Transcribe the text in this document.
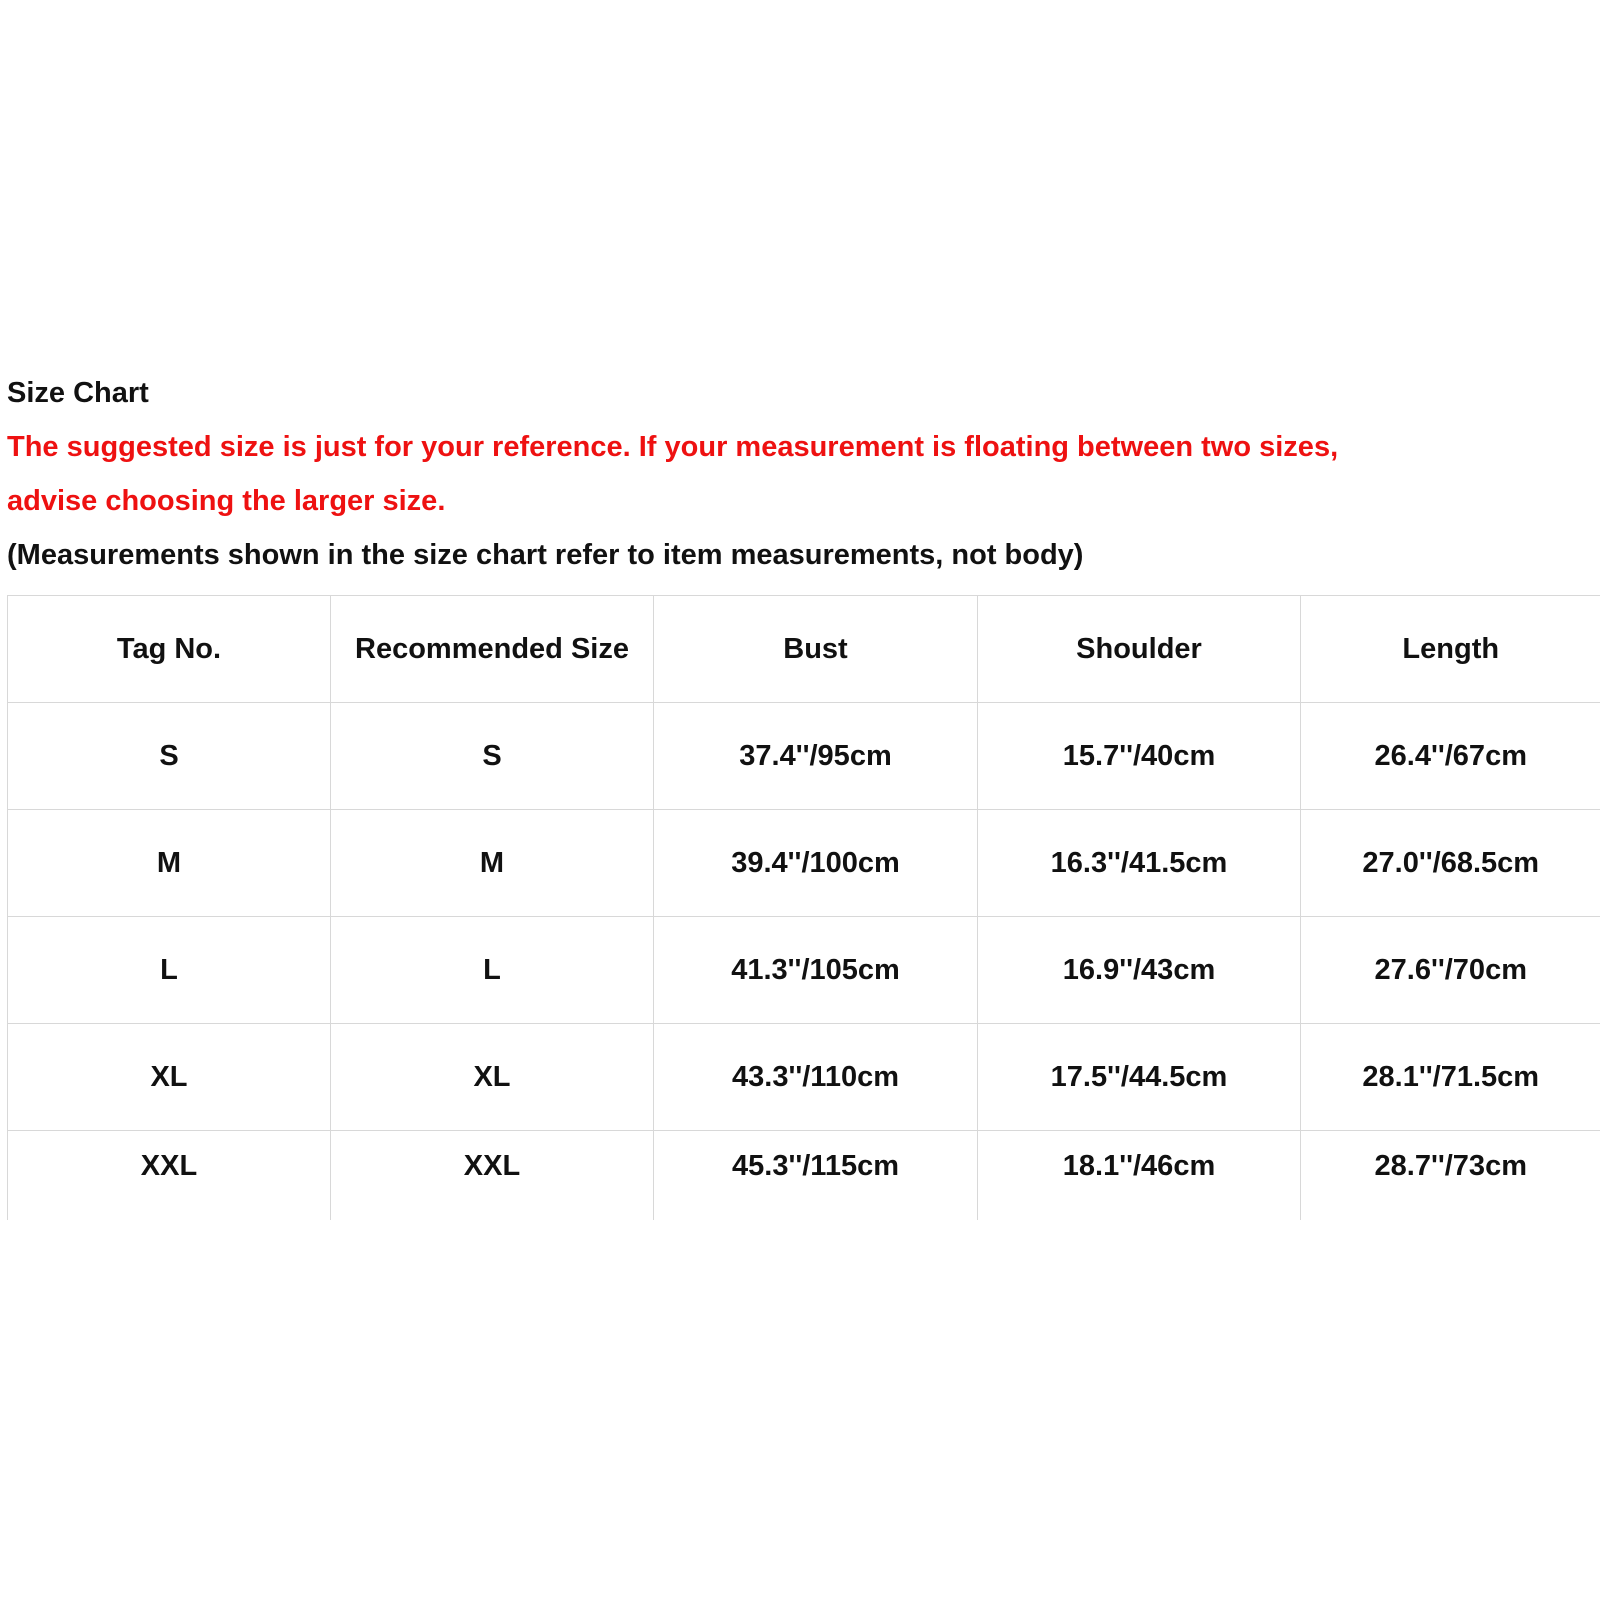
Size Chart
The suggested size is just for your reference. If your measurement is floating between two sizes,
advise choosing the larger size.
(Measurements shown in the size chart refer to item measurements, not body)
Tag No.	Recommended Size	Bust	Shoulder	Length
S	S	37.4''/95cm	15.7''/40cm	26.4''/67cm
M	M	39.4''/100cm	16.3''/41.5cm	27.0''/68.5cm
L	L	41.3''/105cm	16.9''/43cm	27.6''/70cm
XL	XL	43.3''/110cm	17.5''/44.5cm	28.1''/71.5cm
XXL	XXL	45.3''/115cm	18.1''/46cm	28.7''/73cm
